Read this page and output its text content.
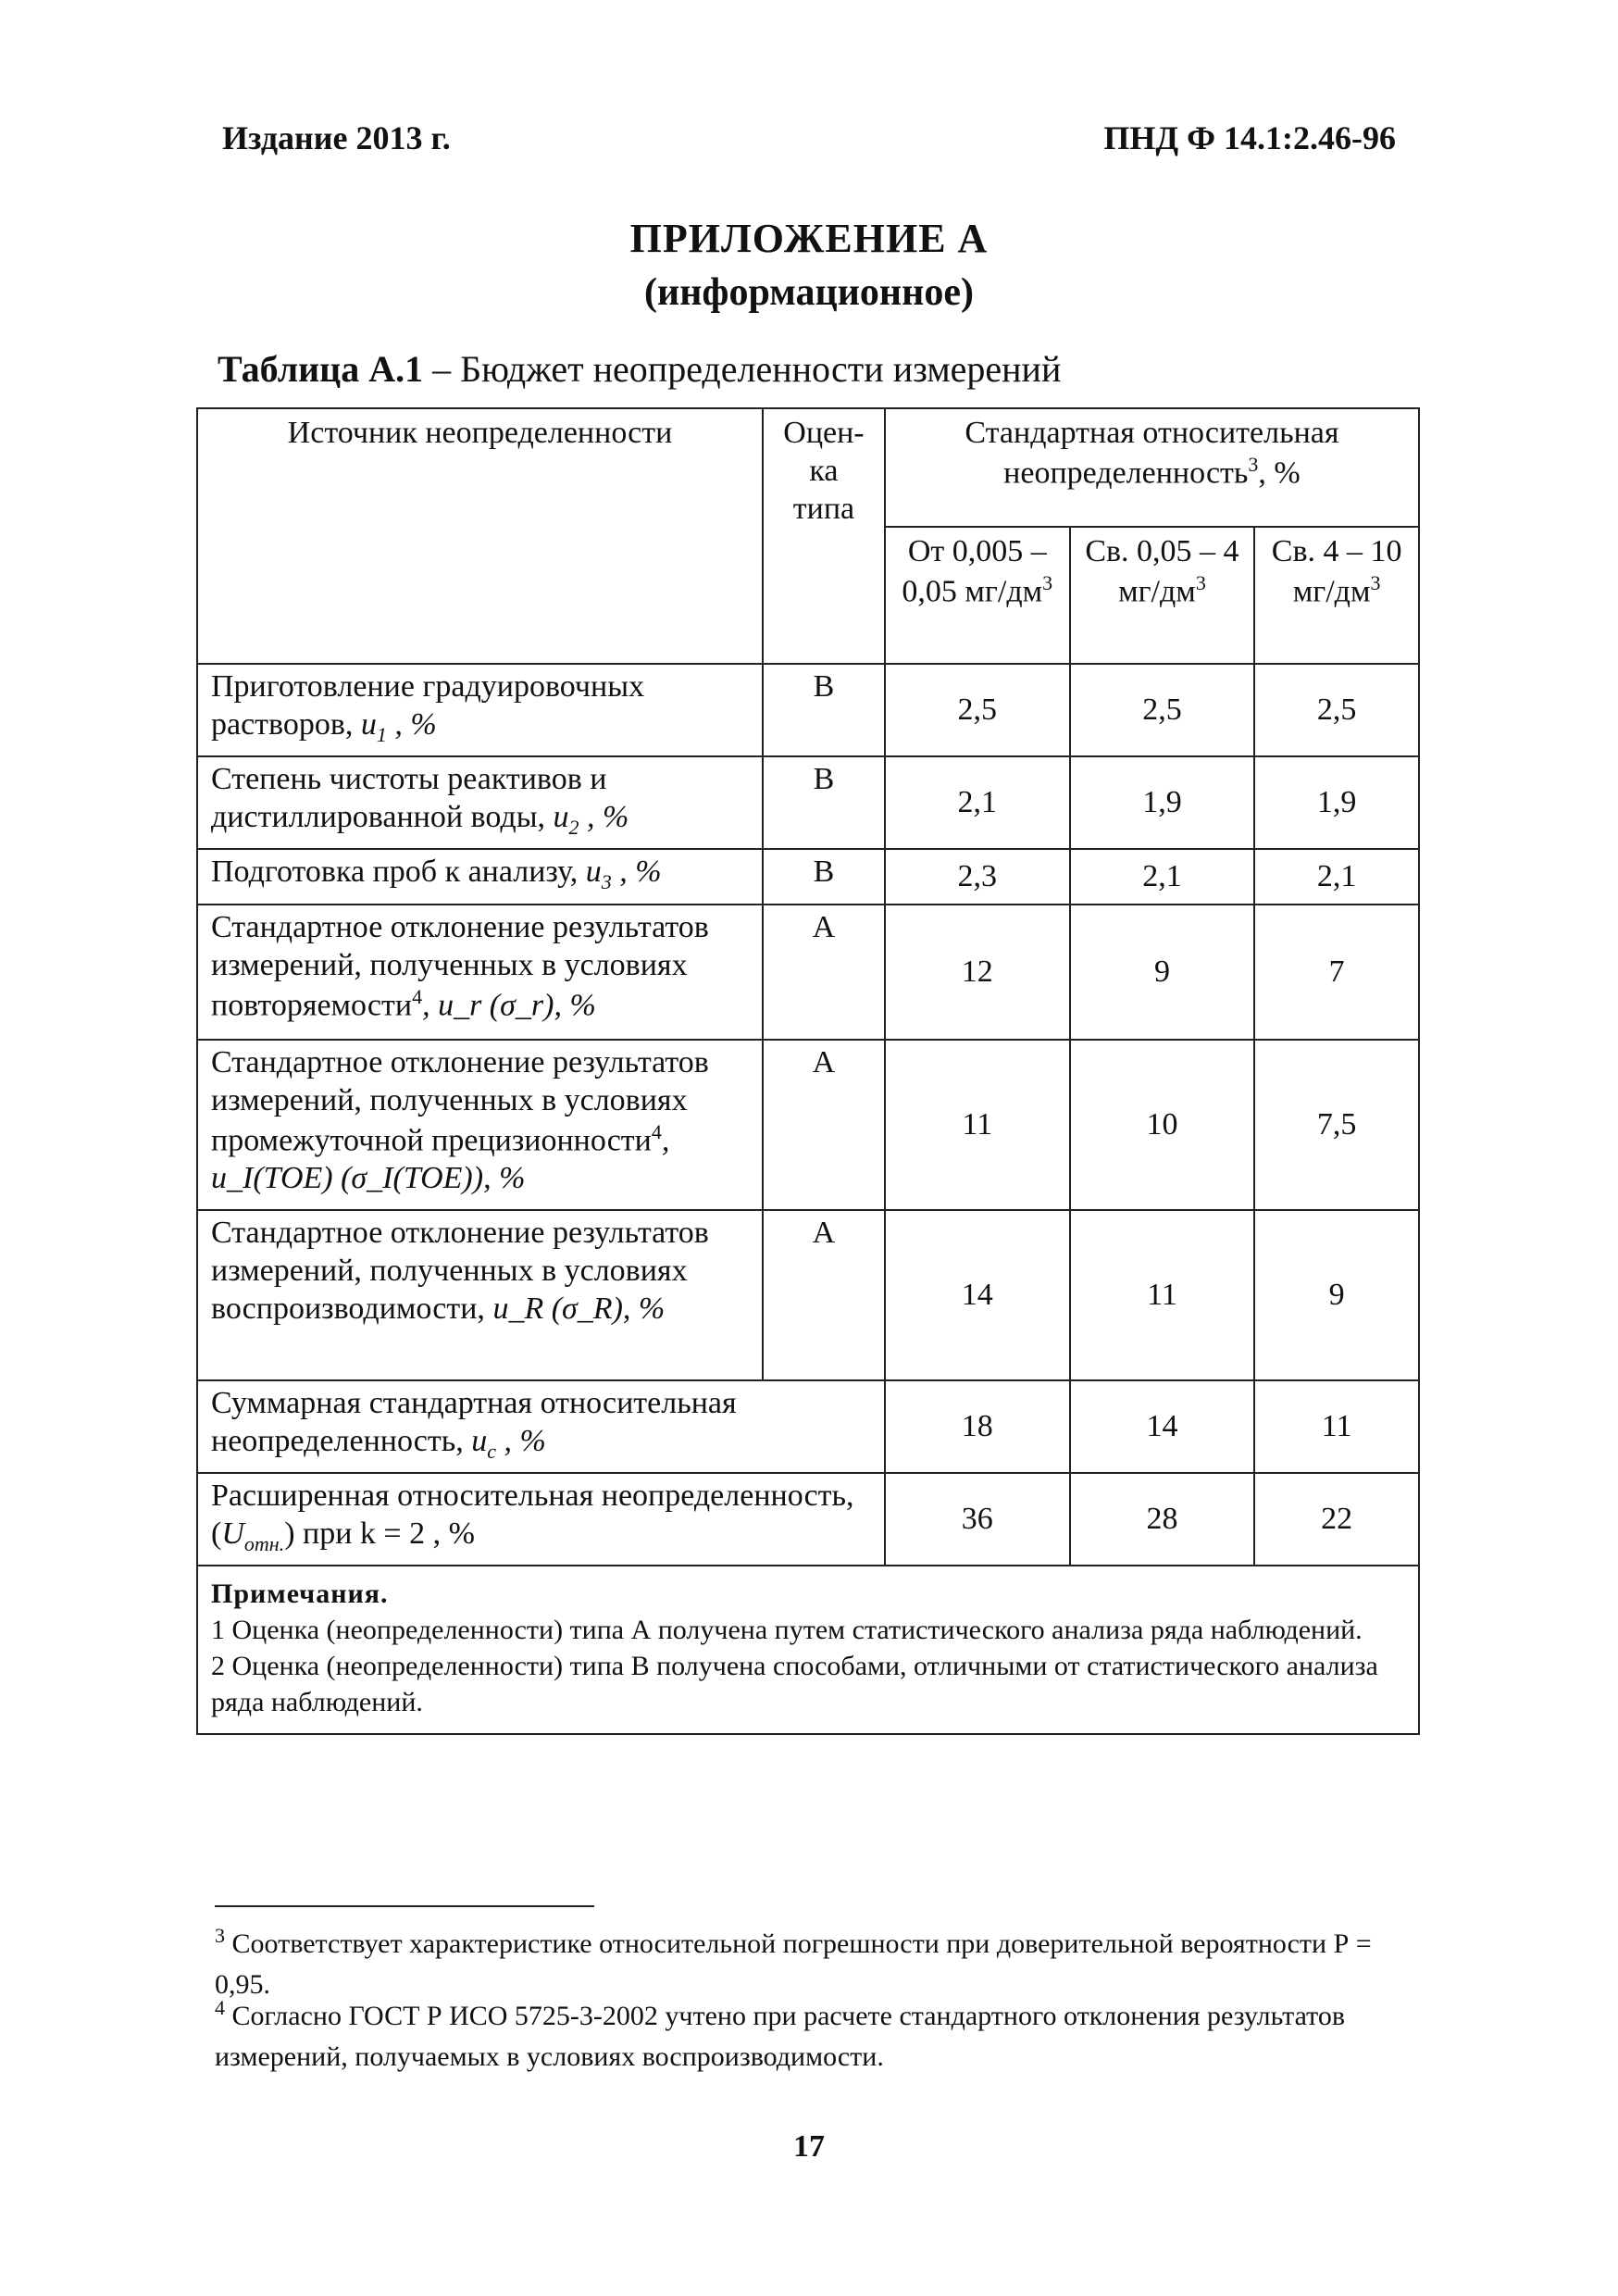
Издание 2013 г.	ПНД Ф 14.1:2.46-96
ПРИЛОЖЕНИЕ А
(информационное)
Таблица А.1 – Бюджет неопределенности измерений
Источник неопределенности	Оцен-ка типа	Стандартная относительная неопределенность$^3$, %		
		От 0,005 – 0,05 $мг/дм^3$	Св. 0,05 – 4 $мг/дм^3$	Св. 4 – 10 $мг/дм^3$
Приготовление градуировочных растворов, $u_1$ , %	В	2,5	2,5	2,5
Степень чистоты реактивов и дистиллированной воды, $u_2$ , %	В	2,1	1,9	1,9
Подготовка проб к анализу, $u_3$ , %	В	2,3	2,1	2,1
Стандартное отклонение результатов измерений, полученных в условиях повторяемости$^4$, u_r (σ_r), %	А	12	9	7
Стандартное отклонение результатов измерений, полученных в условиях промежуточной прецизионности$^4$, u_I(TOE) (σ_I(TOE)), %	А	11	10	7,5
Стандартное отклонение результатов измерений, полученных в условиях воспроизводимости, u_R (σ_R), %	А	14	11	9
Суммарная стандартная относительная неопределенность, $u_c$ , %		18	14	11
Расширенная относительная неопределенность, $(U_{отн.})$ при k = 2 , %		36	28	22

Примечания.
1 Оценка (неопределенности) типа А получена путем статистического анализа ряда наблюдений.
2 Оценка (неопределенности) типа В получена способами, отличными от статистического анализа ряда наблюдений.				
$^3$ Соответствует характеристике относительной погрешности при доверительной вероятности Р = 0,95.
$^4$ Согласно ГОСТ Р ИСО 5725-3-2002 учтено при расчете стандартного отклонения результатов измерений, получаемых в условиях воспроизводимости.
17
